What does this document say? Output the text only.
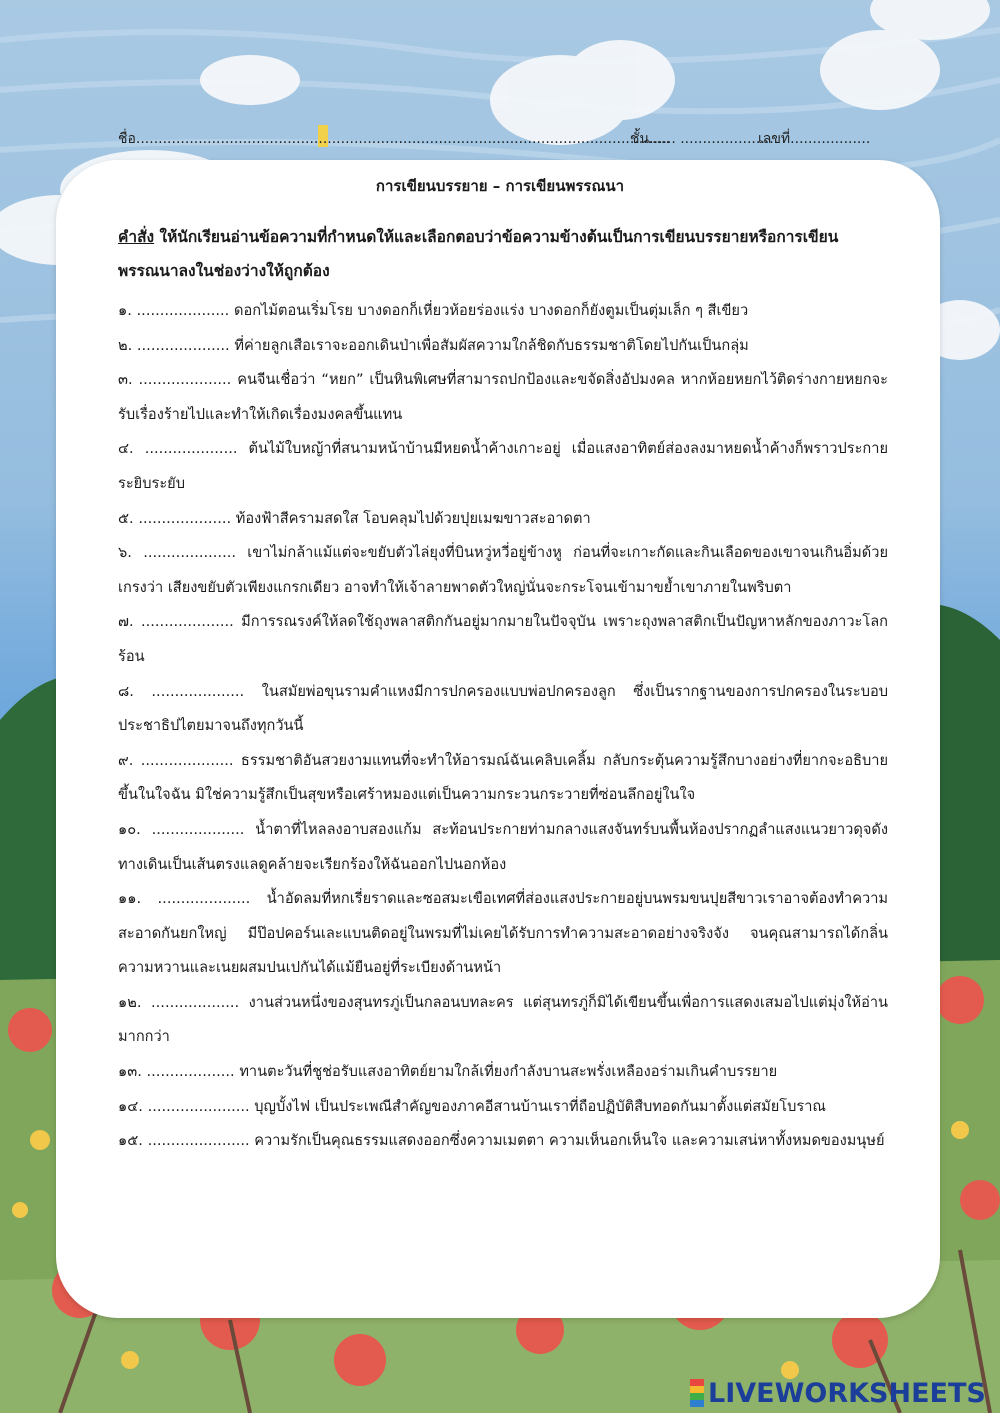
ชื่อ........................................................................................................................
ชั้น...... ......................
เลขที่..................
การเขียนบรรยาย – การเขียนพรรณนา
คำสั่ง ให้นักเรียนอ่านข้อความที่กำหนดให้และเลือกตอบว่าข้อความข้างต้นเป็นการเขียนบรรยายหรือการเขียนพรรณนาลงในช่องว่างให้ถูกต้อง
๑. .................... ดอกไม้ตอนเริ่มโรย บางดอกก็เหี่ยวห้อยร่องแร่ง บางดอกก็ยังตูมเป็นตุ่มเล็ก ๆ สีเขียว
๒. .................... ที่ค่ายลูกเสือเราจะออกเดินป่าเพื่อสัมผัสความใกล้ชิดกับธรรมชาติโดยไปกันเป็นกลุ่ม
๓. .................... คนจีนเชื่อว่า “หยก” เป็นหินพิเศษที่สามารถปกป้องและขจัดสิ่งอัปมงคล หากห้อยหยกไว้ติดร่างกายหยกจะรับเรื่องร้ายไปและทำให้เกิดเรื่องมงคลขึ้นแทน
๔. .................... ต้นไม้ใบหญ้าที่สนามหน้าบ้านมีหยดน้ำค้างเกาะอยู่ เมื่อแสงอาทิตย์ส่องลงมาหยดน้ำค้างก็พราวประกายระยิบระยับ
๕. .................... ท้องฟ้าสีครามสดใส โอบคลุมไปด้วยปุยเมฆขาวสะอาดตา
๖. .................... เขาไม่กล้าแม้แต่จะขยับตัวไล่ยุงที่บินหวู่หวี่อยู่ข้างหู ก่อนที่จะเกาะกัดและกินเลือดของเขาจนเกินอิ่มด้วยเกรงว่า เสียงขยับตัวเพียงแกรกเดียว อาจทำให้เจ้าลายพาดตัวใหญ่นั่นจะกระโจนเข้ามาขย้ำเขาภายในพริบตา
๗. .................... มีการรณรงค์ให้ลดใช้ถุงพลาสติกกันอยู่มากมายในปัจจุบัน เพราะถุงพลาสติกเป็นปัญหาหลักของภาวะโลกร้อน
๘. .................... ในสมัยพ่อขุนรามคำแหงมีการปกครองแบบพ่อปกครองลูก ซึ่งเป็นรากฐานของการปกครองในระบอบประชาธิปไตยมาจนถึงทุกวันนี้
๙. .................... ธรรมชาติอันสวยงามแทนที่จะทำให้อารมณ์ฉันเคลิบเคลิ้ม กลับกระตุ้นความรู้สึกบางอย่างที่ยากจะอธิบายขึ้นในใจฉัน มิใช่ความรู้สึกเป็นสุขหรือเศร้าหมองแต่เป็นความกระวนกระวายที่ซ่อนลึกอยู่ในใจ
๑๐. .................... น้ำตาที่ไหลลงอาบสองแก้ม สะท้อนประกายท่ามกลางแสงจันทร์บนพื้นห้องปรากฏลำแสงแนวยาวดุจดังทางเดินเป็นเส้นตรงแลดูคล้ายจะเรียกร้องให้ฉันออกไปนอกห้อง
๑๑. .................... น้ำอัดลมที่หกเรี่ยราดและซอสมะเขือเทศที่ส่องแสงประกายอยู่บนพรมขนปุยสีขาวเราอาจต้องทำความสะอาดกันยกใหญ่ มีป๊อปคอร์นเละแบนติดอยู่ในพรมที่ไม่เคยได้รับการทำความสะอาดอย่างจริงจัง จนคุณสามารถได้กลิ่นความหวานและเนยผสมปนเปกันได้แม้ยืนอยู่ที่ระเบียงด้านหน้า
๑๒. ................... งานส่วนหนึ่งของสุนทรภู่เป็นกลอนบทละคร แต่สุนทรภู่ก็มิได้เขียนขึ้นเพื่อการแสดงเสมอไปแต่มุ่งให้อ่านมากกว่า
๑๓. ................... ทานตะวันที่ชูช่อรับแสงอาทิตย์ยามใกล้เที่ยงกำลังบานสะพรั่งเหลืองอร่ามเกินคำบรรยาย
๑๔. ...................... บุญบั้งไฟ เป็นประเพณีสำคัญของภาคอีสานบ้านเราที่ถือปฏิบัติสืบทอดกันมาตั้งแต่สมัยโบราณ
๑๕. ...................... ความรักเป็นคุณธรรมแสดงออกซึ่งความเมตตา ความเห็นอกเห็นใจ และความเสน่หาทั้งหมดของมนุษย์
LIVEWORKSHEETS
